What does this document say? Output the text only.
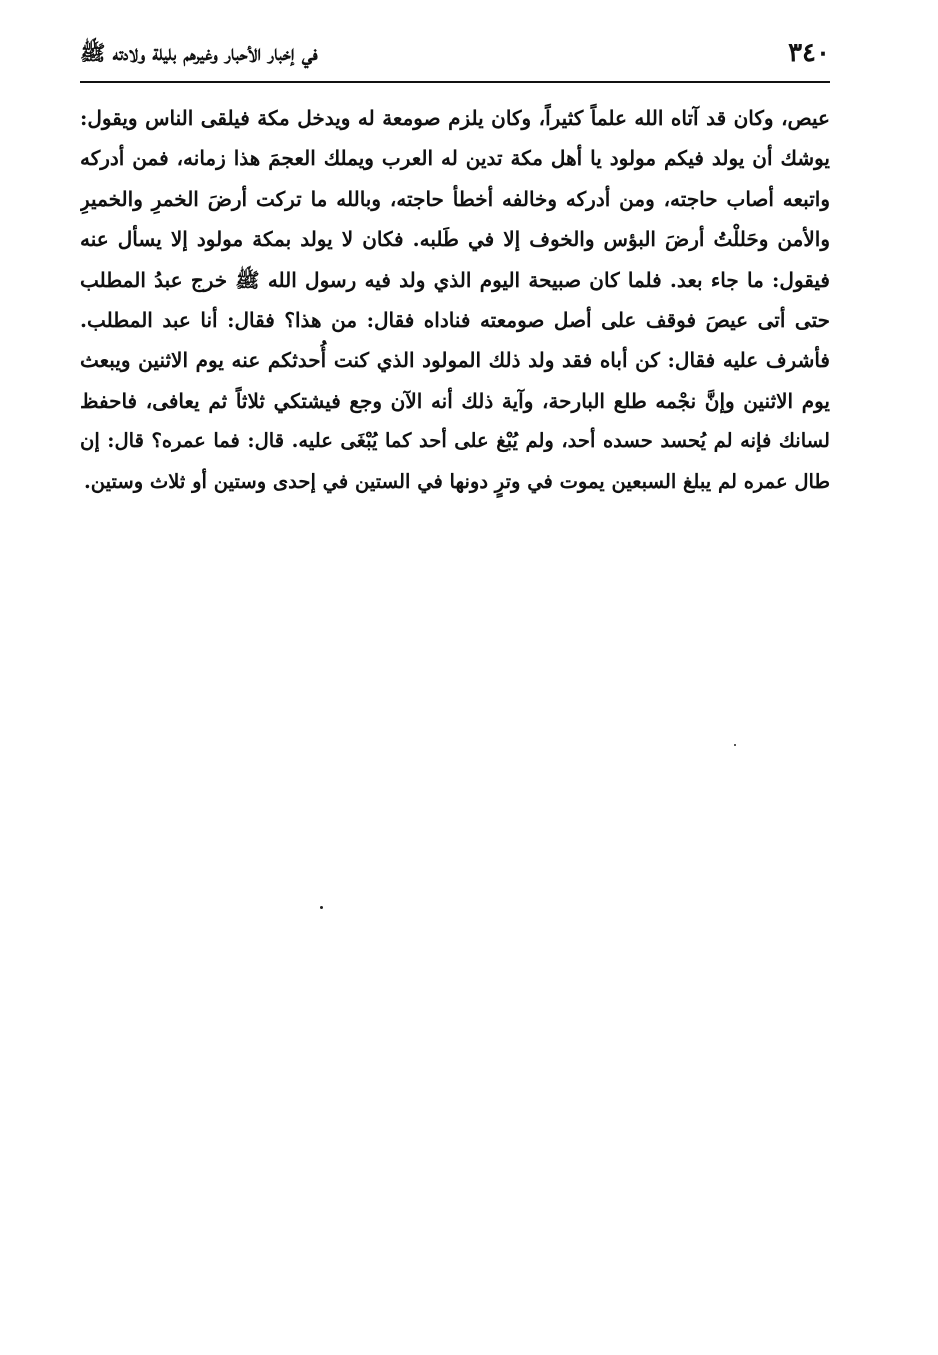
٣٤٠
في إخبار الأحبار وغيرهم بليلة ولادته ﷺ
عيص، وكان قد آتاه الله علماً كثيراً، وكان يلزم صومعة له ويدخل مكة فيلقى الناس ويقول:
يوشك أن يولد فيكم مولود يا أهل مكة تدين له العرب ويملك العجمَ هذا زمانه، فمن أدركه
واتبعه أصاب حاجته، ومن أدركه وخالفه أخطأ حاجته، وبالله ما تركت أرضَ الخمرِ والخميرِ
والأمن وحَللْتُ أرضَ البؤس والخوف إلا في طَلبه. فكان لا يولد بمكة مولود إلا يسأل عنه
فيقول: ما جاء بعد. فلما كان صبيحة اليوم الذي ولد فيه رسول الله ﷺ خرج عبدُ المطلب
حتى أتى عيصَ فوقف على أصل صومعته فناداه فقال: من هذا؟ فقال: أنا عبد المطلب.
فأشرف عليه فقال: كن أباه فقد ولد ذلك المولود الذي كنت أُحدثكم عنه يوم الاثنين ويبعث
يوم الاثنين وإنَّ نجْمه طلع البارحة، وآية ذلك أنه الآن وجع فيشتكي ثلاثاً ثم يعافى، فاحفظ
لسانك فإنه لم يُحسد حسده أحد، ولم يُبْغ على أحد كما يُبْغَى عليه. قال: فما عمره؟ قال: إن
طال عمره لم يبلغ السبعين يموت في وترٍ دونها في الستين في إحدى وستين أو ثلاث وستين.
